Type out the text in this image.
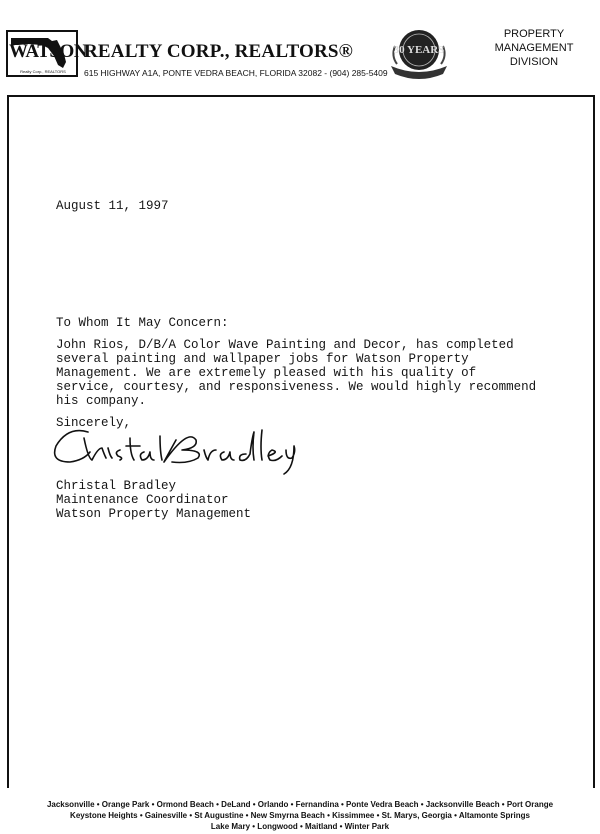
WATSON
Realty Corp., REALTORS
REALTY CORP., REALTORS®
615 HIGHWAY A1A, PONTE VEDRA BEACH, FLORIDA 32082 - (904) 285-5409
30 YEARS
PROPERTY MANAGEMENT
DIVISION
August 11, 1997
To Whom It May Concern:
John Rios, D/B/A Color Wave Painting and Decor, has completed
several painting and wallpaper jobs for Watson Property
Management. We are extremely pleased with his quality of
service, courtesy, and responsiveness. We would highly recommend
his company.
Sincerely,
Christal Bradley
Maintenance Coordinator
Watson Property Management
Jacksonville • Orange Park • Ormond Beach • DeLand • Orlando • Fernandina • Ponte Vedra Beach • Jacksonville Beach • Port Orange
Keystone Heights • Gainesville • St Augustine • New Smyrna Beach • Kissimmee • St. Marys, Georgia • Altamonte Springs
Lake Mary • Longwood • Maitland • Winter Park
